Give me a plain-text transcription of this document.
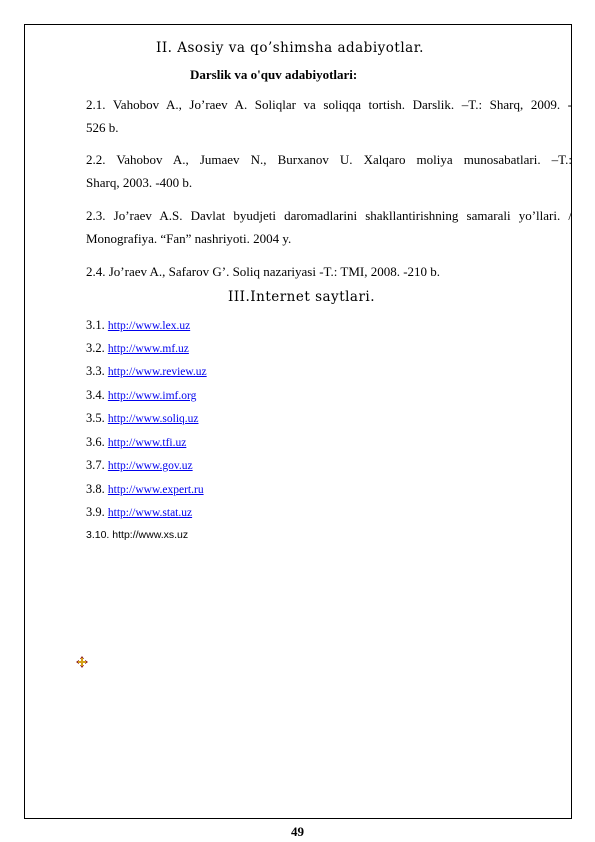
II. Asosiy va qo’shimsha adabiyotlar.
Darslik va o'quv adabiyotlari:
2.1. Vahobov A., Jo’raev A. Soliqlar va soliqqa tortish. Darslik. –T.: Sharq, 2009. -
526 b.
2.2. Vahobov A., Jumaev N., Burxanov U. Xalqaro moliya munosabatlari. –T.:
Sharq, 2003. -400 b.
2.3. Jo’raev A.S. Davlat byudjeti daromadlarini shakllantirishning samarali yo’llari. /
Monografiya. “Fan” nashriyoti. 2004 y.
2.4. Jo’raev A., Safarov G’. Soliq nazariyasi -T.: TMI, 2008. -210 b.
III.Internet saytlari.
3.1. http://www.lex.uz
3.2. http://www.mf.uz
3.3. http://www.review.uz
3.4. http://www.imf.org
3.5. http://www.soliq.uz
3.6. http://www.tfi.uz
3.7. http://www.gov.uz
3.8. http://www.expert.ru
3.9. http://www.stat.uz
3.10. http://www.xs.uz
49
